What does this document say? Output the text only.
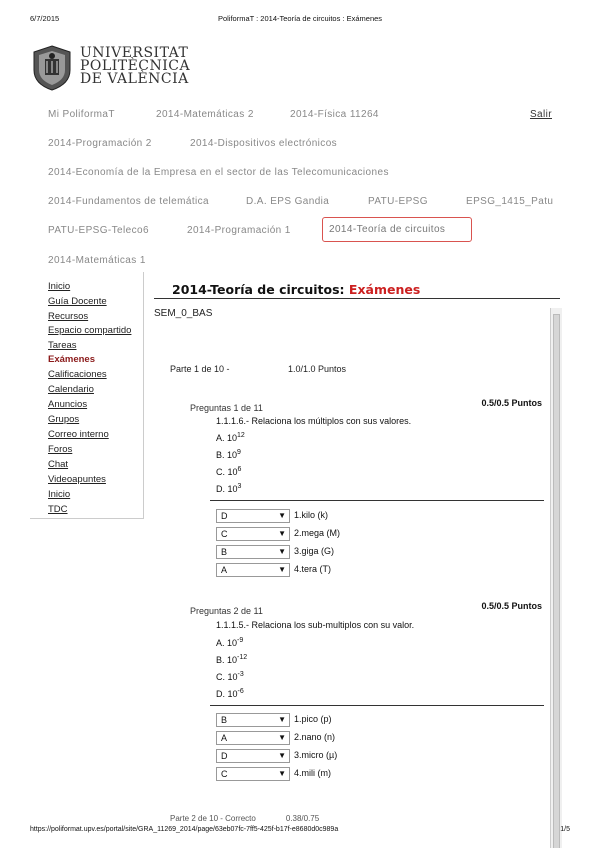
6/7/2015	PoliformaT : 2014-Teoría de circuitos : Exámenes
UNIVERSITAT
POLITÈCNICA
DE VALÈNCIA
Mi PoliformaT	2014-Matemáticas 2	2014-Física 11264	Salir
2014-Programación 2	2014-Dispositivos electrónicos
2014-Economía de la Empresa en el sector de las Telecomunicaciones
2014-Fundamentos de telemática	D.A. EPS Gandia	PATU-EPSG	EPSG_1415_Patu
PATU-EPSG-Teleco6	2014-Programación 1	2014-Teoría de circuitos
2014-Matemáticas 1
Inicio
Guía Docente
Recursos
Espacio compartido
Tareas
Exámenes
Calificaciones
Calendario
Anuncios
Grupos
Correo interno
Foros
Chat
Videoapuntes
Inicio
TDC
2014-Teoría de circuitos: Exámenes
SEM_0_BAS
Parte 1 de 10 -	1.0/1.0 Puntos
Preguntas 1 de 11	0.5/0.5 Puntos
1.1.1.6.- Relaciona los múltiplos con sus valores.
A. $10^{12}$
B. $10^9$
C. $10^6$
D. $10^3$
D	▼ 1.kilo (k)
C	▼ 2.mega (M)
B	▼ 3.giga (G)
A	▼ 4.tera (T)
Preguntas 2 de 11	0.5/0.5 Puntos
1.1.1.5.- Relaciona los sub-multiplos con su valor.
A. $10^{-9}$
B. $10^{-12}$
C. $10^{-3}$
D. $10^{-6}$
B	▼ 1.pico (p)
A	▼ 2.nano (n)
D	▼ 3.micro (µ)
C	▼ 4.mili (m)
Parte 2 de 10 - Correcto	0.38/0.75
https://poliformat.upv.es/portal/site/GRA_11269_2014/page/63eb07fc-7ff5-425f-b17f-e8680d0c989a	1/5
